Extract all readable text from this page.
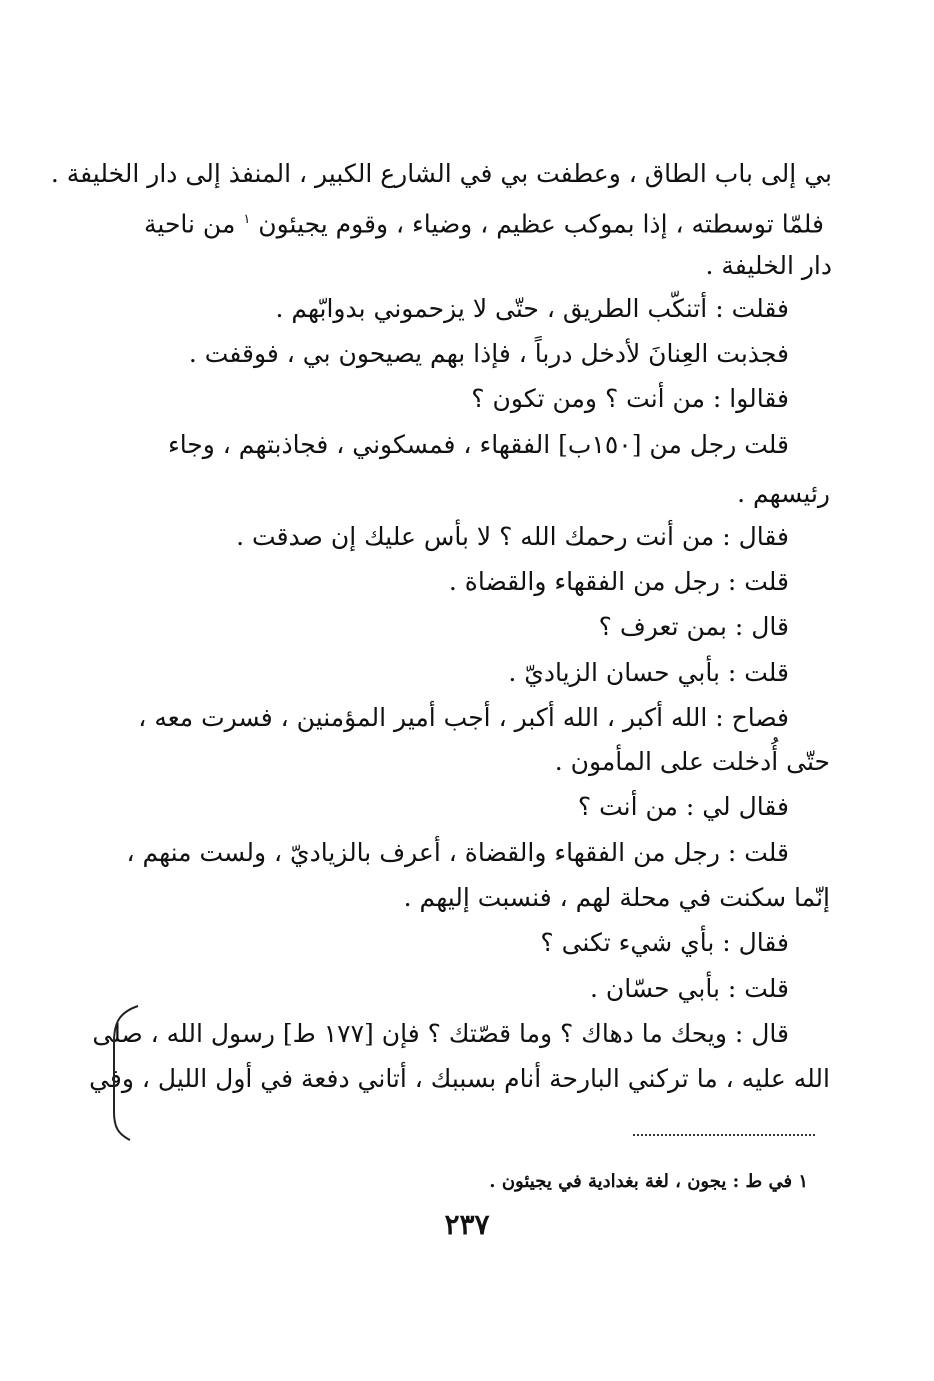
بي إلى باب الطاق ، وعطفت بي في الشارع الكبير ، المنفذ إلى دار الخليفة .
فلمّا توسطته ، إذا بموكب عظيم ، وضياء ، وقوم يجيئون $^١$ من ناحية
دار الخليفة .
فقلت : أتنكّب الطريق ، حتّى لا يزحموني بدوابّهم .
فجذبت العِنانَ لأدخل درباً ، فإذا بهم يصيحون بي ، فوقفت .
فقالوا : من أنت ؟ ومن تكون ؟
قلت رجل من [١٥٠ب] الفقهاء ، فمسكوني ، فجاذبتهم ، وجاء
رئيسهم .
فقال : من أنت رحمك الله ؟ لا بأس عليك إن صدقت .
قلت : رجل من الفقهاء والقضاة .
قال : بمن تعرف ؟
قلت : بأبي حسان الزياديّ .
فصاح : الله أكبر ، الله أكبر ، أجب أمير المؤمنين ، فسرت معه ،
حتّى أُدخلت على المأمون .
فقال لي : من أنت ؟
قلت : رجل من الفقهاء والقضاة ، أعرف بالزياديّ ، ولست منهم ،
إنّما سكنت في محلة لهم ، فنسبت إليهم .
فقال : بأي شيء تكنى ؟
قلت : بأبي حسّان .
قال : ويحك ما دهاك ؟ وما قصّتك ؟ فإن [١٧٧ ط] رسول الله ، صلى
الله عليه ، ما تركني البارحة أنام بسببك ، أتاني دفعة في أول الليل ، وفي
١ في ط : يجون ، لغة بغدادية في يجيئون .
٢٣٧
